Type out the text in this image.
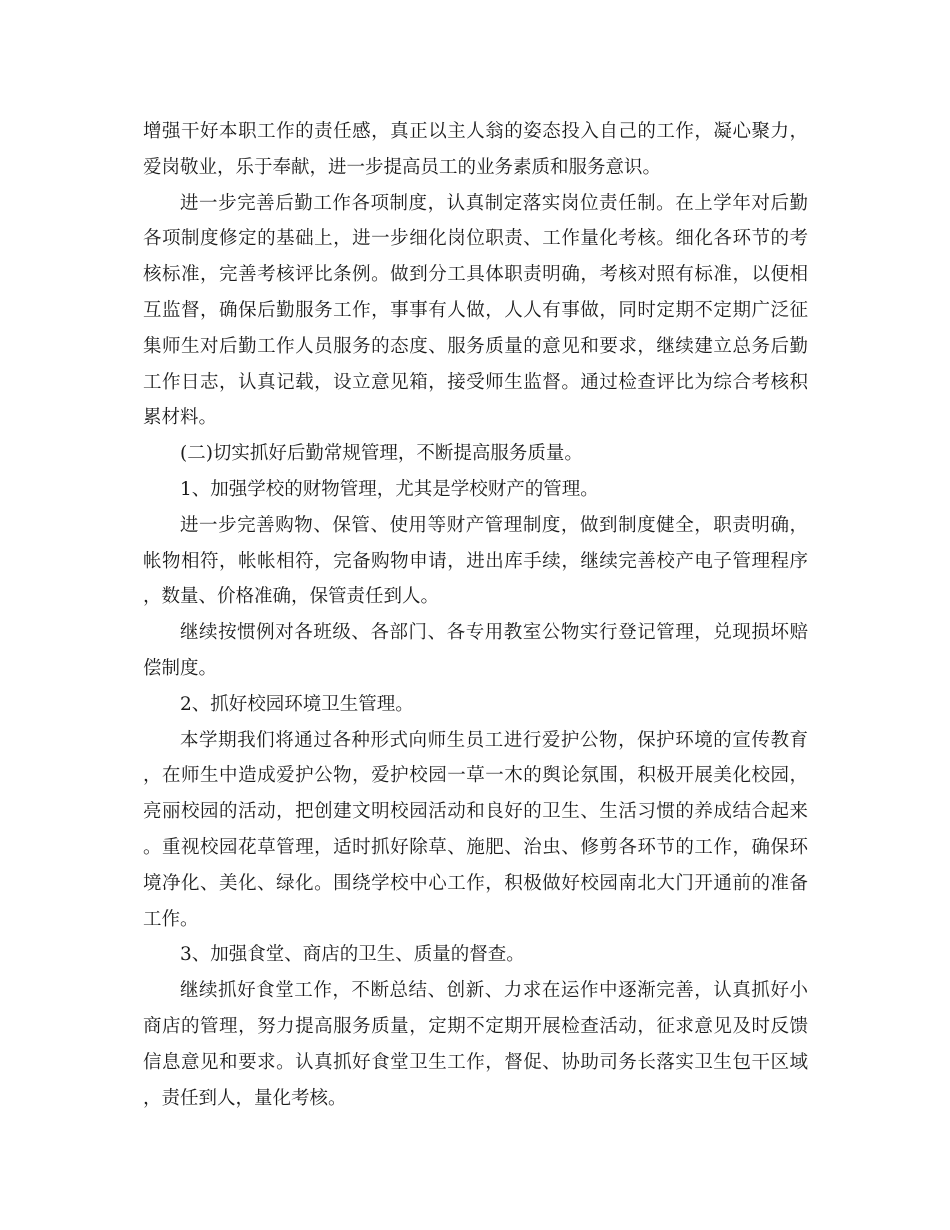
增强干好本职工作的责任感，真正以主人翁的姿态投入自己的工作，凝心聚力，爱岗敬业，乐于奉献，进一步提高员工的业务素质和服务意识。

进一步完善后勤工作各项制度，认真制定落实岗位责任制。在上学年对后勤各项制度修定的基础上，进一步细化岗位职责、工作量化考核。细化各环节的考核标准，完善考核评比条例。做到分工具体职责明确，考核对照有标准，以便相互监督，确保后勤服务工作，事事有人做，人人有事做，同时定期不定期广泛征集师生对后勤工作人员服务的态度、服务质量的意见和要求，继续建立总务后勤工作日志，认真记载，设立意见箱，接受师生监督。通过检查评比为综合考核积累材料。

(二)切实抓好后勤常规管理，不断提高服务质量。

1、加强学校的财物管理，尤其是学校财产的管理。

进一步完善购物、保管、使用等财产管理制度，做到制度健全，职责明确，帐物相符，帐帐相符，完备购物申请，进出库手续，继续完善校产电子管理程序，数量、价格准确，保管责任到人。

继续按惯例对各班级、各部门、各专用教室公物实行登记管理，兑现损坏赔偿制度。

2、抓好校园环境卫生管理。

本学期我们将通过各种形式向师生员工进行爱护公物，保护环境的宣传教育，在师生中造成爱护公物，爱护校园一草一木的舆论氛围，积极开展美化校园，亮丽校园的活动，把创建文明校园活动和良好的卫生、生活习惯的养成结合起来。重视校园花草管理，适时抓好除草、施肥、治虫、修剪各环节的工作，确保环境净化、美化、绿化。围绕学校中心工作，积极做好校园南北大门开通前的准备工作。

3、加强食堂、商店的卫生、质量的督查。

继续抓好食堂工作，不断总结、创新、力求在运作中逐渐完善，认真抓好小商店的管理，努力提高服务质量，定期不定期开展检查活动，征求意见及时反馈信息意见和要求。认真抓好食堂卫生工作，督促、协助司务长落实卫生包干区域，责任到人，量化考核。
